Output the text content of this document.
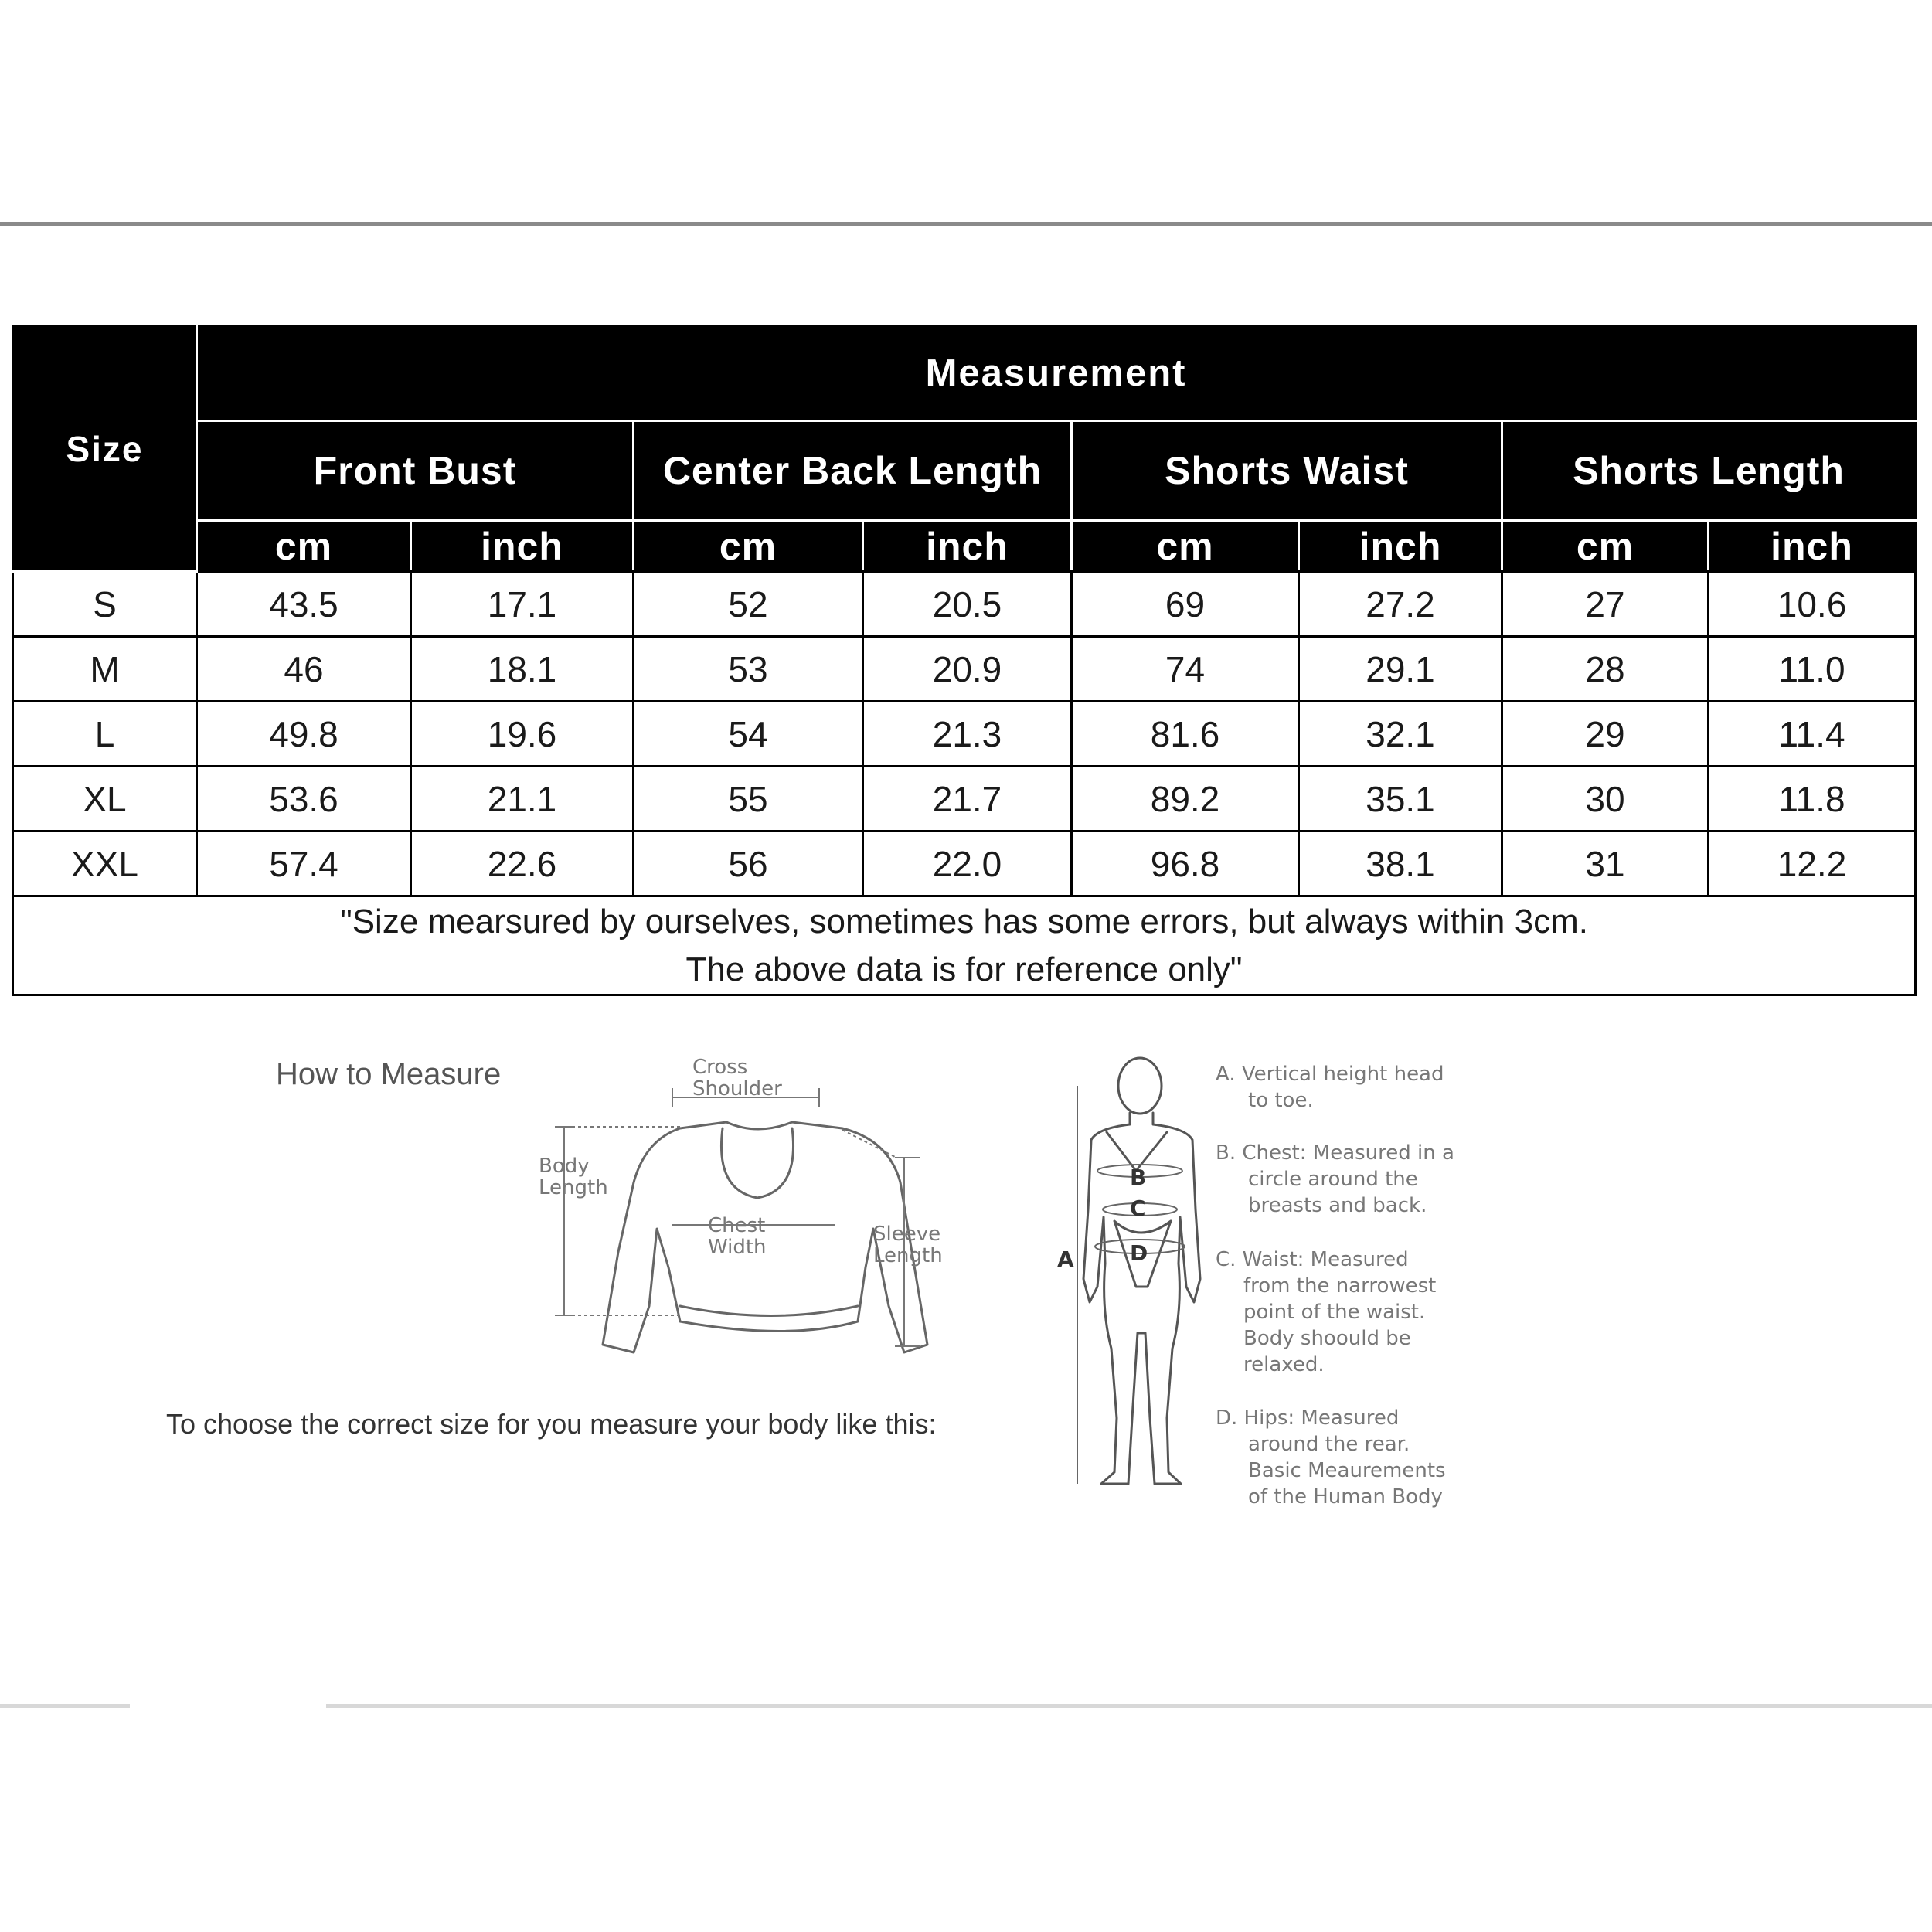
Size	Measurement							
	Front Bust		Center Back Length		Shorts Waist		Shorts Length	
	cm	inch	cm	inch	cm	inch	cm	inch
S	43.5	17.1	52	20.5	69	27.2	27	10.6
M	46	18.1	53	20.9	74	29.1	28	11.0
L	49.8	19.6	54	21.3	81.6	32.1	29	11.4
XL	53.6	21.1	55	21.7	89.2	35.1	30	11.8
XXL	57.4	22.6	56	22.0	96.8	38.1	31	12.2

"Size mearsured by ourselves, sometimes has some errors, but always within 3cm.
The above data is for reference only"								
How to Measure
To choose the correct size for you measure your body like this:
Cross
Shoulder
Body
Length
Chest
Width
Sleeve
Length
B
C
D
A
A. Vertical height head
to toe.
B. Chest: Measured in a
circle around the
breasts and back.
C. Waist: Measured
from the narrowest
point of the waist.
Body shoould be
relaxed.
D. Hips: Measured
around the rear.
Basic Meaurements
of the Human Body
